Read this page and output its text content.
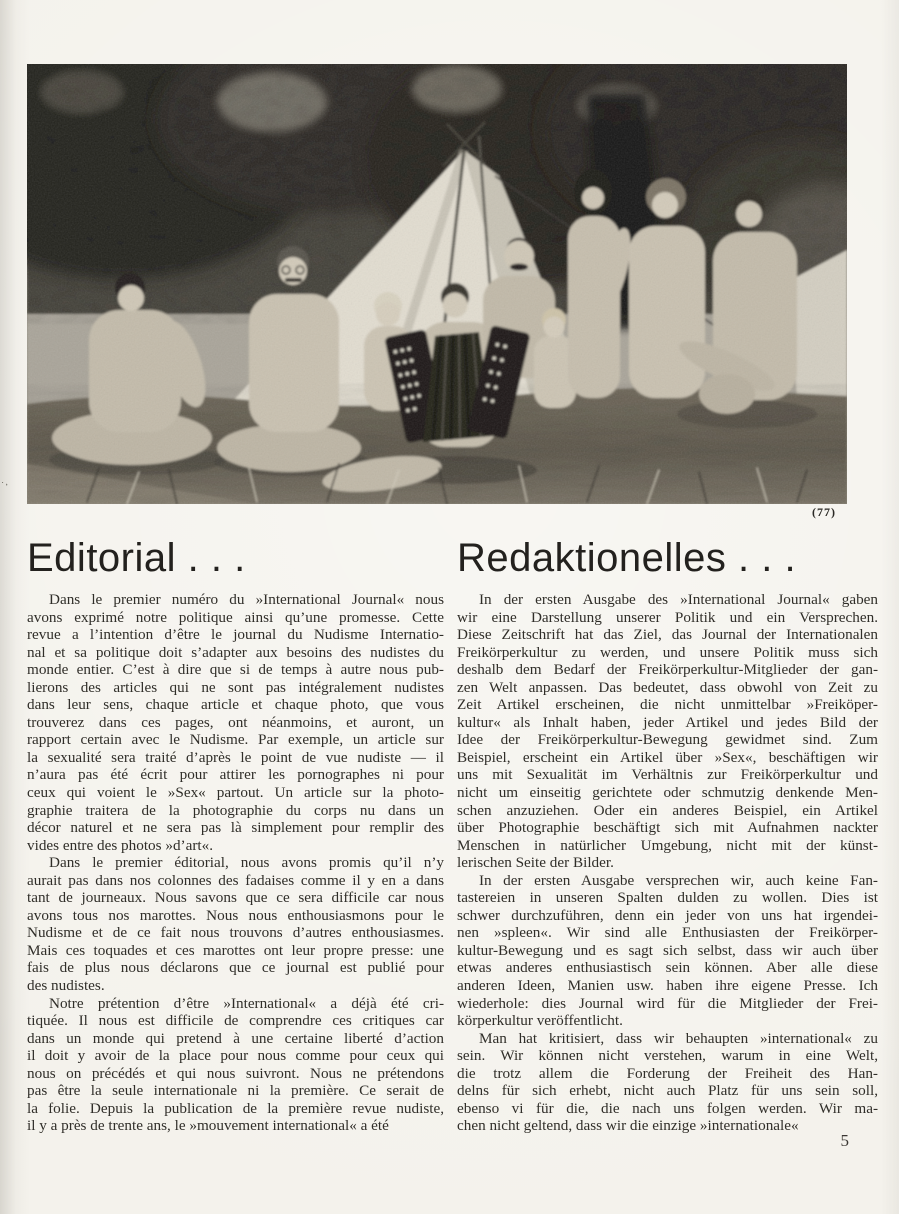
(77)
·,
Editorial . . .
Dans le premier numéro du »International Journal« nous
avons exprimé notre politique ainsi qu’une promesse. Cette
revue a l’intention d’être le journal du Nudisme Internatio-
nal et sa politique doit s’adapter aux besoins des nudistes du
monde entier. C’est à dire que si de temps à autre nous pub-
lierons des articles qui ne sont pas intégralement nudistes
dans leur sens, chaque article et chaque photo, que vous
trouverez dans ces pages, ont néanmoins, et auront, un
rapport certain avec le Nudisme. Par exemple, un article sur
la sexualité sera traité d’après le point de vue nudiste — il
n’aura pas été écrit pour attirer les pornographes ni pour
ceux qui voient le »Sex« partout. Un article sur la photo-
graphie traitera de la photographie du corps nu dans un
décor naturel et ne sera pas là simplement pour remplir des
vides entre des photos »d’art«.
Dans le premier éditorial, nous avons promis qu’il n’y
aurait pas dans nos colonnes des fadaises comme il y en a dans
tant de journeaux. Nous savons que ce sera difficile car nous
avons tous nos marottes. Nous nous enthousiasmons pour le
Nudisme et de ce fait nous trouvons d’autres enthousiasmes.
Mais ces toquades et ces marottes ont leur propre presse: une
fais de plus nous déclarons que ce journal est publié pour
des nudistes.
Notre prétention d’être »International« a déjà été cri-
tiquée. Il nous est difficile de comprendre ces critiques car
dans un monde qui pretend à une certaine liberté d’action
il doit y avoir de la place pour nous comme pour ceux qui
nous on précédés et qui nous suivront. Nous ne prétendons
pas être la seule internationale ni la première. Ce serait de
la folie. Depuis la publication de la première revue nudiste,
il y a près de trente ans, le »mouvement international« a été
Redaktionelles . . .
In der ersten Ausgabe des »International Journal« gaben
wir eine Darstellung unserer Politik und ein Versprechen.
Diese Zeitschrift hat das Ziel, das Journal der Internationalen
Freikörperkultur zu werden, und unsere Politik muss sich
deshalb dem Bedarf der Freikörperkultur-Mitglieder der gan-
zen Welt anpassen. Das bedeutet, dass obwohl von Zeit zu
Zeit Artikel erscheinen, die nicht unmittelbar »Freiköper-
kultur« als Inhalt haben, jeder Artikel und jedes Bild der
Idee der Freikörperkultur-Bewegung gewidmet sind. Zum
Beispiel, erscheint ein Artikel über »Sex«, beschäftigen wir
uns mit Sexualität im Verhältnis zur Freikörperkultur und
nicht um einseitig gerichtete oder schmutzig denkende Men-
schen anzuziehen. Oder ein anderes Beispiel, ein Artikel
über Photographie beschäftigt sich mit Aufnahmen nackter
Menschen in natürlicher Umgebung, nicht mit der künst-
lerischen Seite der Bilder.
In der ersten Ausgabe versprechen wir, auch keine Fan-
tastereien in unseren Spalten dulden zu wollen. Dies ist
schwer durchzuführen, denn ein jeder von uns hat irgendei-
nen »spleen«. Wir sind alle Enthusiasten der Freikörper-
kultur-Bewegung und es sagt sich selbst, dass wir auch über
etwas anderes enthusiastisch sein können. Aber alle diese
anderen Ideen, Manien usw. haben ihre eigene Presse. Ich
wiederhole: dies Journal wird für die Mitglieder der Frei-
körperkultur veröffentlicht.
Man hat kritisiert, dass wir behaupten »international« zu
sein. Wir können nicht verstehen, warum in eine Welt,
die trotz allem die Forderung der Freiheit des Han-
delns für sich erhebt, nicht auch Platz für uns sein soll,
ebenso vi für die, die nach uns folgen werden. Wir ma-
chen nicht geltend, dass wir die einzige »internationale«
5
